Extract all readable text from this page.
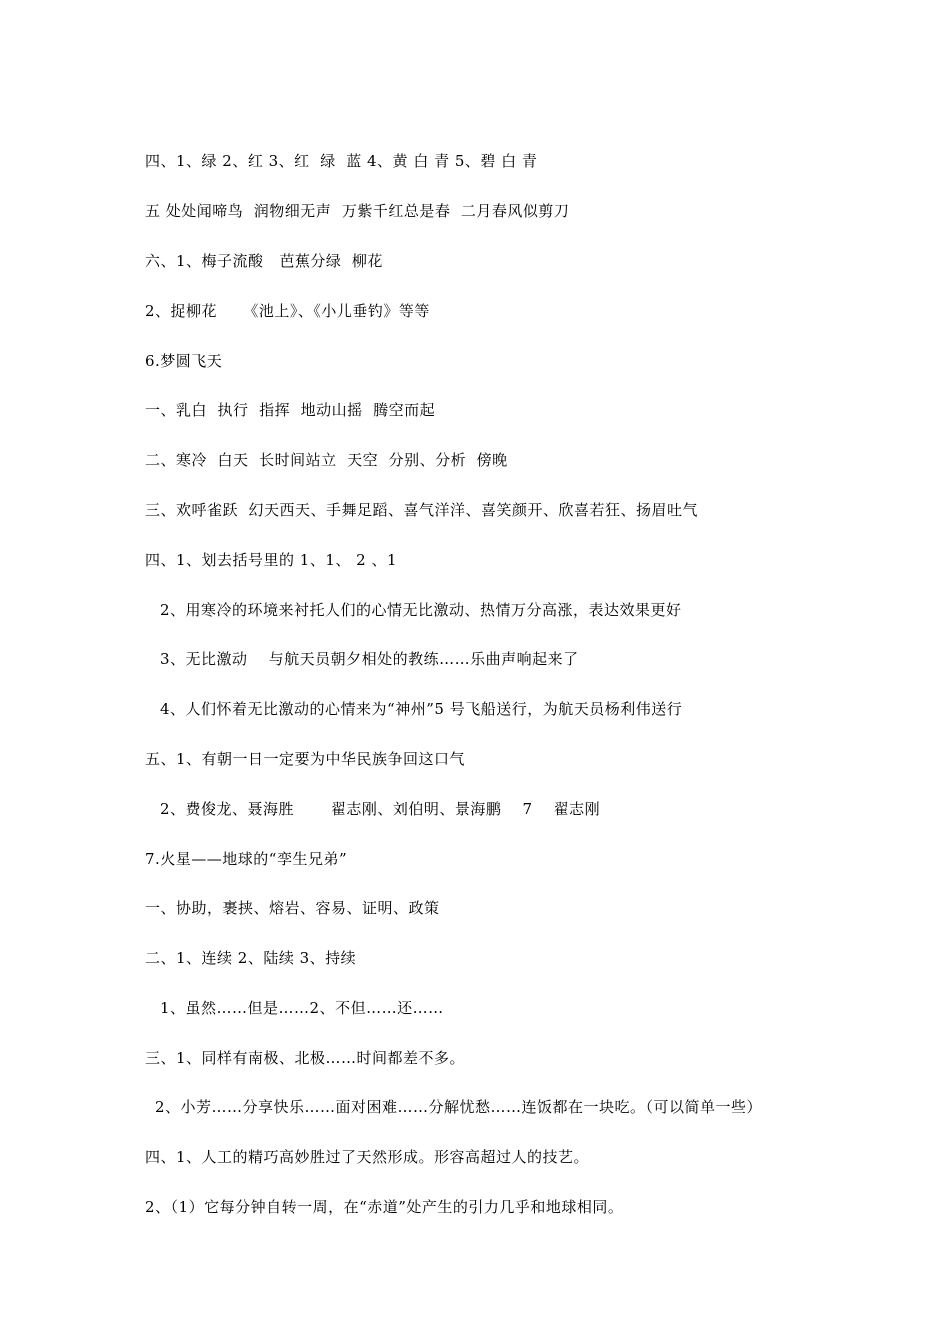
四、1、绿 2、红 3、红  绿  蓝 4、黄 白 青 5、碧 白 青
五 处处闻啼鸟  润物细无声  万紫千红总是春  二月春风似剪刀
六、1、梅子流酸   芭蕉分绿  柳花
2、捉柳花     《池上》、《小儿垂钓》等等
6.梦圆飞天
一、乳白  执行  指挥  地动山摇  腾空而起
二、寒冷  白天  长时间站立  天空  分别、分析  傍晚
三、欢呼雀跃  幻天西天、手舞足蹈、喜气洋洋、喜笑颜开、欣喜若狂、扬眉吐气
四、1、划去括号里的 1、1、 2 、1
2、用寒冷的环境来衬托人们的心情无比激动、热情万分高涨，表达效果更好
3、无比激动    与航天员朝夕相处的教练……乐曲声响起来了
4、人们怀着无比激动的心情来为“神州”5 号飞船送行，为航天员杨利伟送行
五、1、有朝一日一定要为中华民族争回这口气
2、费俊龙、聂海胜       翟志刚、刘伯明、景海鹏    7    翟志刚
7.火星——地球的“孪生兄弟”
一、协助，裹挟、熔岩、容易、证明、政策
二、1、连续 2、陆续 3、持续
1、虽然……但是……2、不但……还……
三、1、同样有南极、北极……时间都差不多。
2、小芳……分享快乐……面对困难……分解忧愁……连饭都在一块吃。（可以简单一些）
四、1、人工的精巧高妙胜过了天然形成。形容高超过人的技艺。
2、（1）它每分钟自转一周，在“赤道”处产生的引力几乎和地球相同。
